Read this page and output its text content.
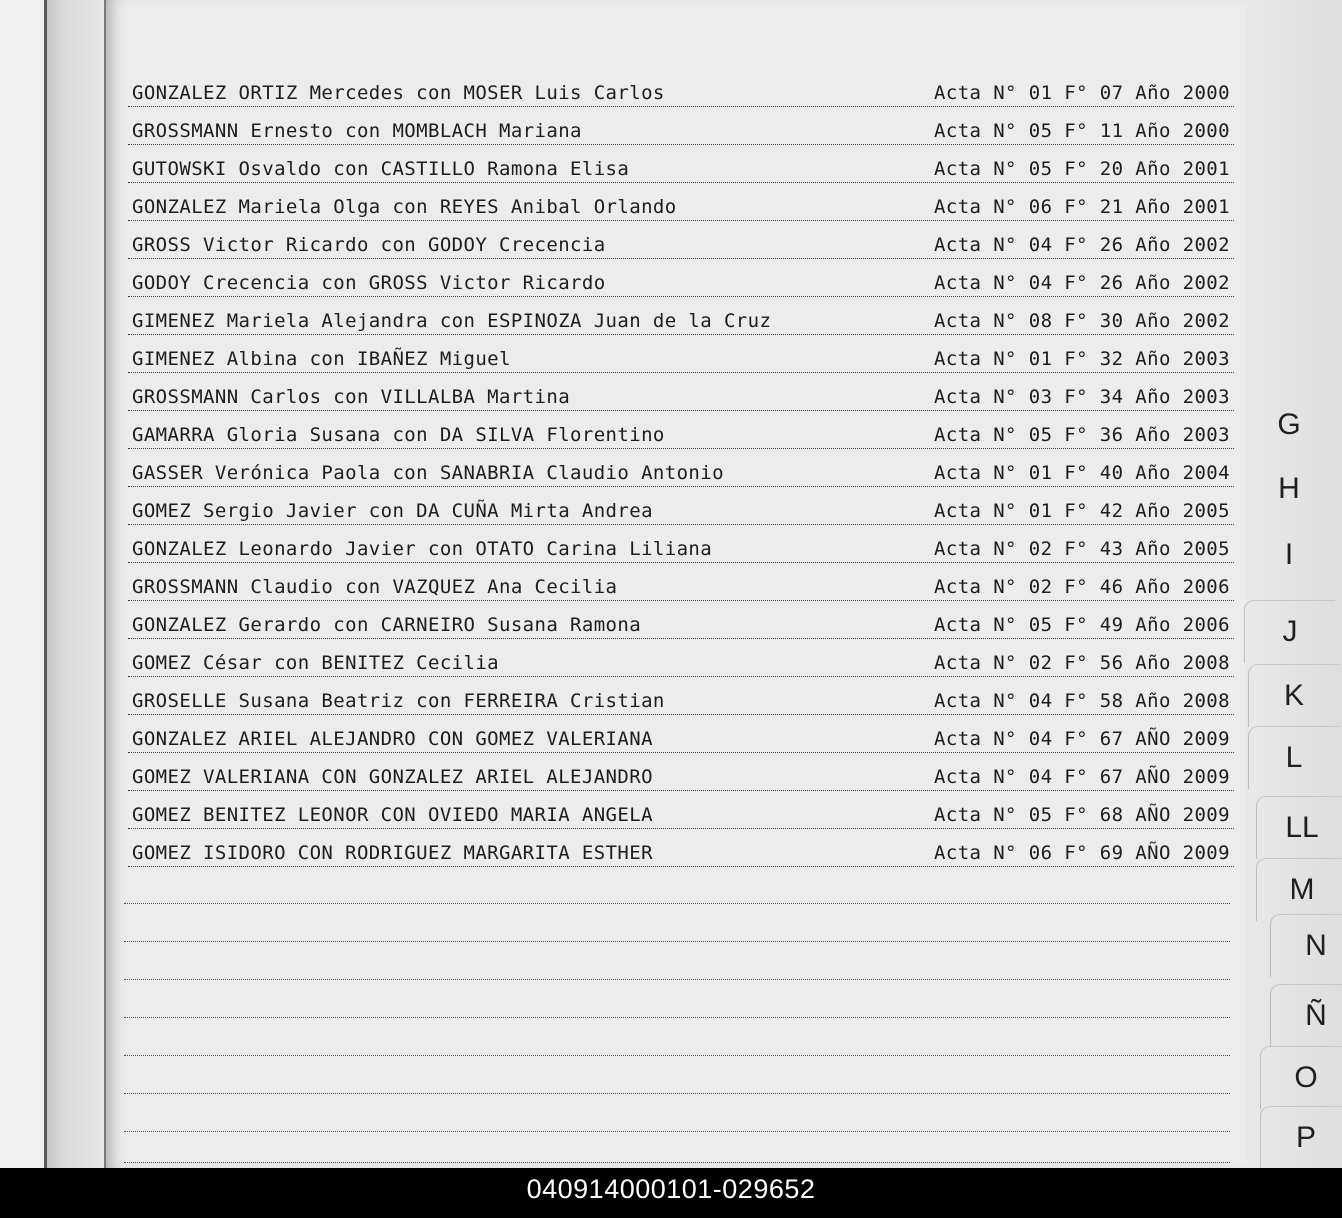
GONZALEZ ORTIZ Mercedes con MOSER Luis Carlos	Acta N° 01 F° 07 Año 2000
GROSSMANN Ernesto con MOMBLACH Mariana	Acta N° 05 F° 11 Año 2000
GUTOWSKI Osvaldo con CASTILLO Ramona Elisa	Acta N° 05 F° 20 Año 2001
GONZALEZ Mariela Olga con REYES Anibal Orlando	Acta N° 06 F° 21 Año 2001
GROSS Victor Ricardo con GODOY Crecencia	Acta N° 04 F° 26 Año 2002
GODOY Crecencia con GROSS Victor Ricardo	Acta N° 04 F° 26 Año 2002
GIMENEZ Mariela Alejandra con ESPINOZA Juan de la Cruz	Acta N° 08 F° 30 Año 2002
GIMENEZ Albina con IBAÑEZ Miguel	Acta N° 01 F° 32 Año 2003
GROSSMANN Carlos con VILLALBA Martina	Acta N° 03 F° 34 Año 2003
GAMARRA Gloria Susana con DA SILVA Florentino	Acta N° 05 F° 36 Año 2003
GASSER Verónica Paola con SANABRIA Claudio Antonio	Acta N° 01 F° 40 Año 2004
GOMEZ Sergio Javier con DA CUÑA Mirta Andrea	Acta N° 01 F° 42 Año 2005
GONZALEZ Leonardo Javier con OTATO Carina Liliana	Acta N° 02 F° 43 Año 2005
GROSSMANN Claudio con VAZQUEZ Ana Cecilia	Acta N° 02 F° 46 Año 2006
GONZALEZ Gerardo con CARNEIRO Susana Ramona	Acta N° 05 F° 49 Año 2006
GOMEZ César con BENITEZ Cecilia	Acta N° 02 F° 56 Año 2008
GROSELLE Susana Beatriz con FERREIRA Cristian	Acta N° 04 F° 58 Año 2008
GONZALEZ ARIEL ALEJANDRO CON GOMEZ VALERIANA	Acta N° 04 F° 67 AÑO 2009
GOMEZ VALERIANA CON GONZALEZ ARIEL ALEJANDRO	Acta N° 04 F° 67 AÑO 2009
GOMEZ BENITEZ LEONOR CON OVIEDO MARIA ANGELA	Acta N° 05 F° 68 AÑO 2009
GOMEZ ISIDORO CON RODRIGUEZ MARGARITA ESTHER	Acta N° 06 F° 69 AÑO 2009
G
H
I
J
K
L
LL
M
N
Ñ
O
P
040914000101-029652
